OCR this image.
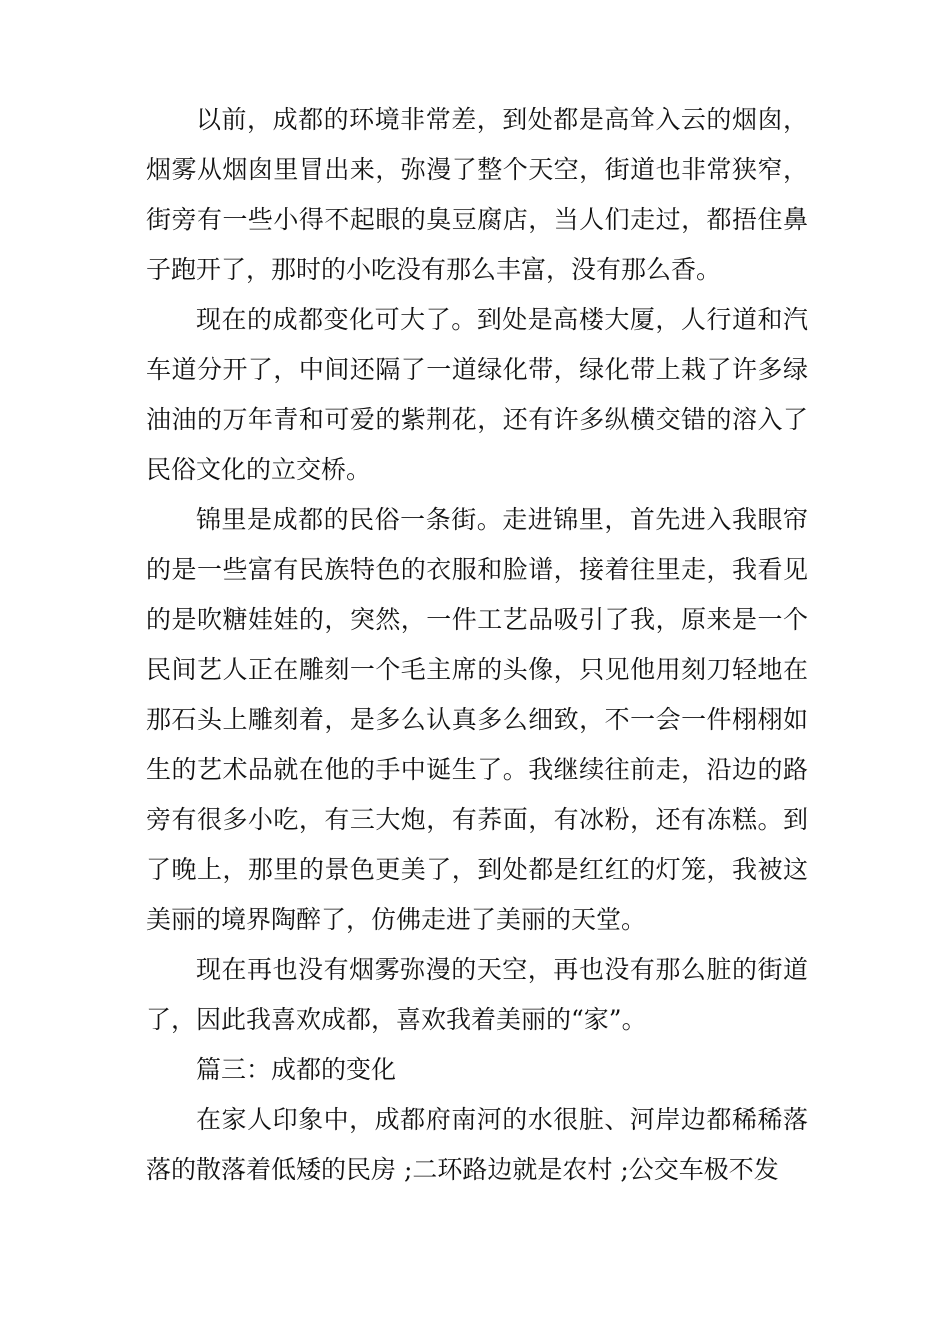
以前，成都的环境非常差，到处都是高耸入云的烟囱，烟雾从烟囱里冒出来，弥漫了整个天空，街道也非常狭窄，街旁有一些小得不起眼的臭豆腐店，当人们走过，都捂住鼻子跑开了，那时的小吃没有那么丰富，没有那么香。

现在的成都变化可大了。到处是高楼大厦，人行道和汽车道分开了，中间还隔了一道绿化带，绿化带上栽了许多绿油油的万年青和可爱的紫荆花，还有许多纵横交错的溶入了民俗文化的立交桥。

锦里是成都的民俗一条街。走进锦里，首先进入我眼帘的是一些富有民族特色的衣服和脸谱，接着往里走，我看见的是吹糖娃娃的，突然，一件工艺品吸引了我，原来是一个民间艺人正在雕刻一个毛主席的头像，只见他用刻刀轻地在那石头上雕刻着，是多么认真多么细致，不一会一件栩栩如生的艺术品就在他的手中诞生了。我继续往前走，沿边的路旁有很多小吃，有三大炮，有荞面，有冰粉，还有冻糕。到了晚上，那里的景色更美了，到处都是红红的灯笼，我被这美丽的境界陶醉了，仿佛走进了美丽的天堂。

现在再也没有烟雾弥漫的天空，再也没有那么脏的街道了，因此我喜欢成都，喜欢我着美丽的“家”。

篇三：成都的变化

在家人印象中，成都府南河的水很脏、河岸边都稀稀落落的散落着低矮的民房 ;二环路边就是农村 ;公交车极不发
